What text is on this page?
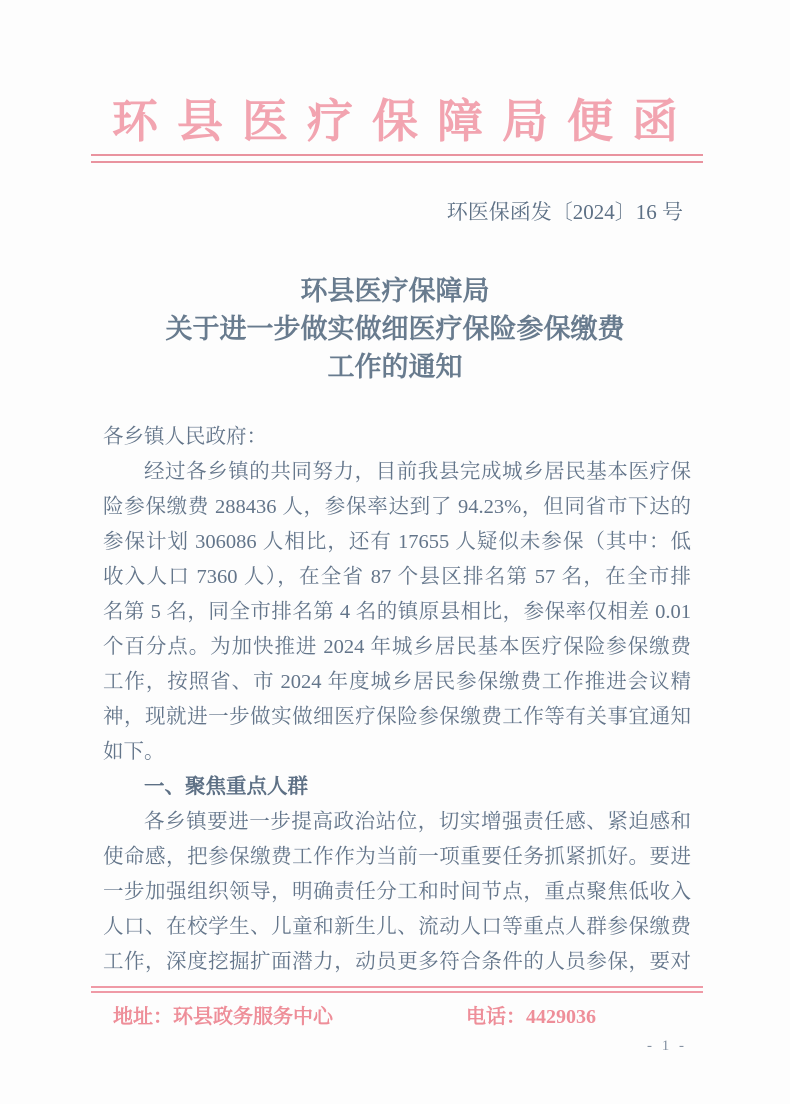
环县医疗保障局便函
环医保函发〔2024〕16 号
环县医疗保障局
关于进一步做实做细医疗保险参保缴费
工作的通知
各乡镇人民政府：
经过各乡镇的共同努力，目前我县完成城乡居民基本医疗保
险参保缴费 288436 人，参保率达到了 94.23%，但同省市下达的
参保计划 306086 人相比，还有 17655 人疑似未参保（其中：低
收入人口 7360 人），在全省 87 个县区排名第 57 名，在全市排
名第 5 名，同全市排名第 4 名的镇原县相比，参保率仅相差 0.01
个百分点。为加快推进 2024 年城乡居民基本医疗保险参保缴费
工作，按照省、市 2024 年度城乡居民参保缴费工作推进会议精
神，现就进一步做实做细医疗保险参保缴费工作等有关事宜通知
如下。
一、聚焦重点人群
各乡镇要进一步提高政治站位，切实增强责任感、紧迫感和
使命感，把参保缴费工作作为当前一项重要任务抓紧抓好。要进
一步加强组织领导，明确责任分工和时间节点，重点聚焦低收入
人口、在校学生、儿童和新生儿、流动人口等重点人群参保缴费
工作，深度挖掘扩面潜力，动员更多符合条件的人员参保，要对
地址：环县政务服务中心	电话：4429036
- 1 -
